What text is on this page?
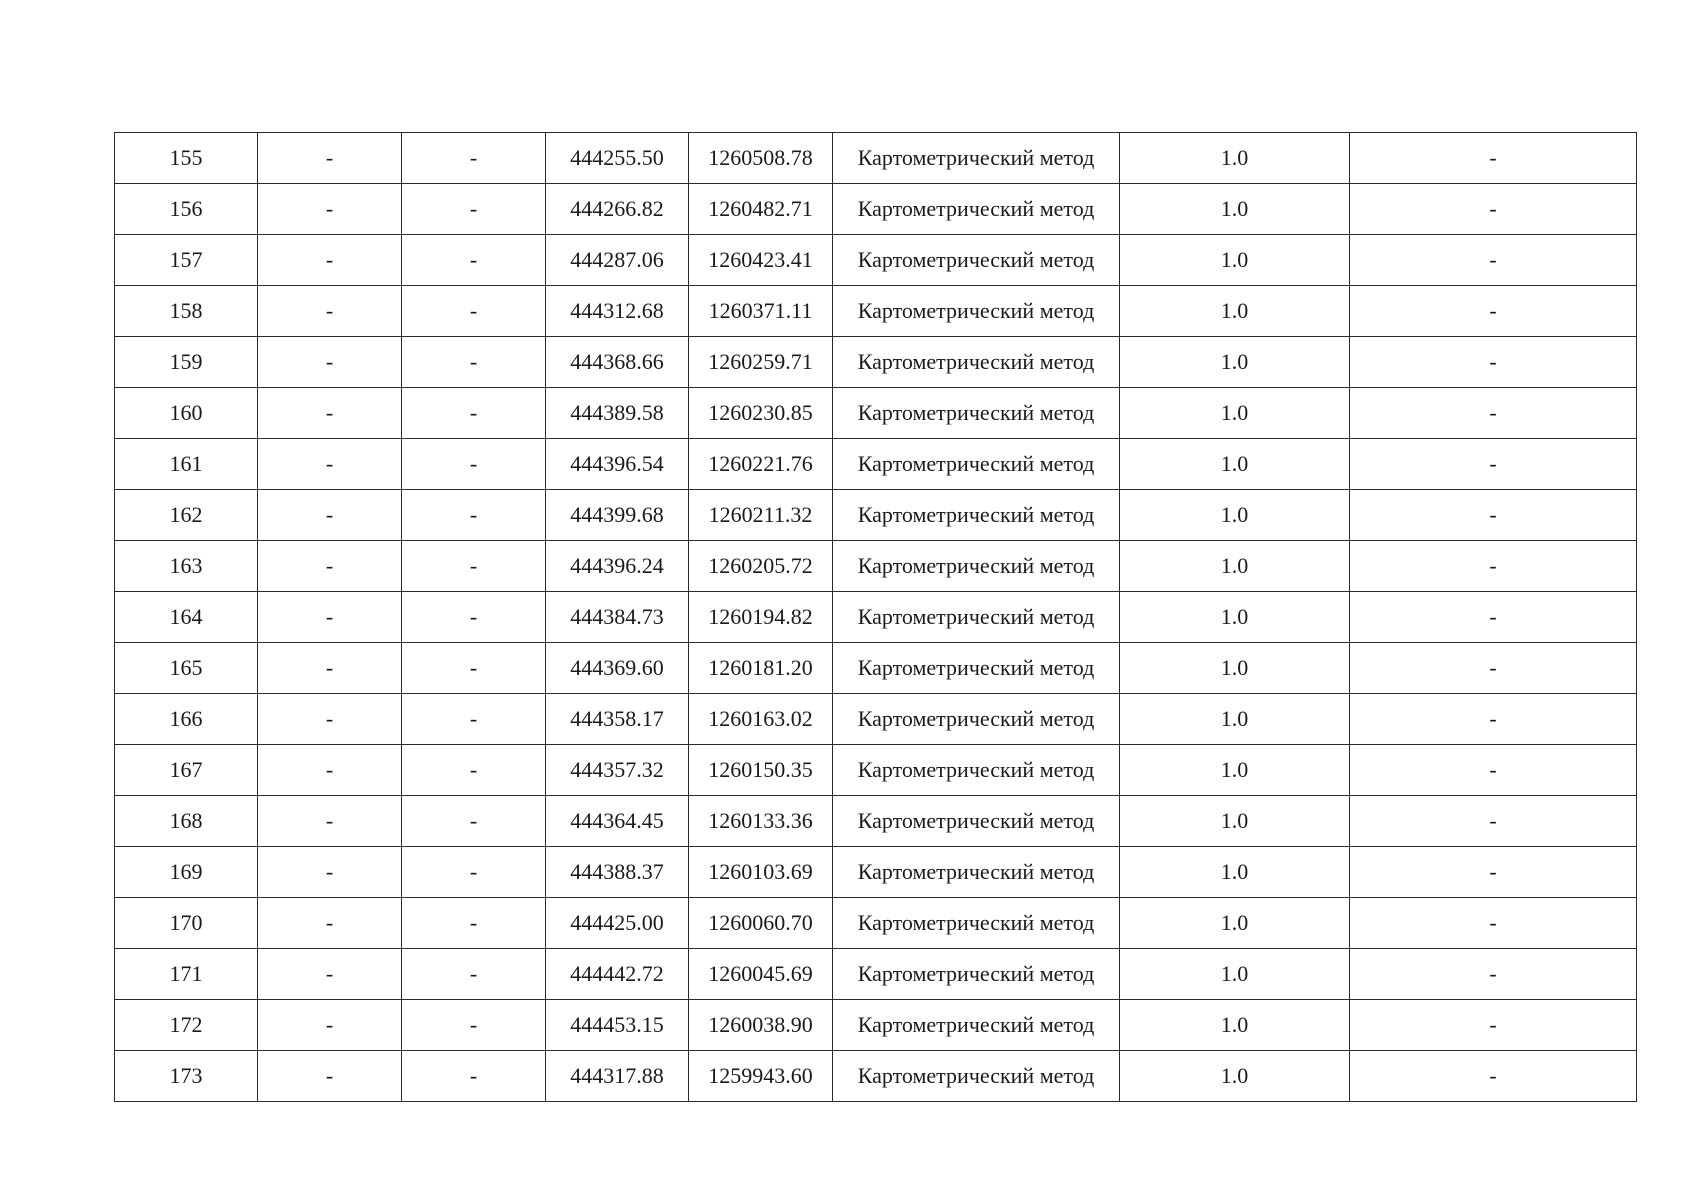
155	-	-	444255.50	1260508.78	Картометрический метод	1.0	-
156	-	-	444266.82	1260482.71	Картометрический метод	1.0	-
157	-	-	444287.06	1260423.41	Картометрический метод	1.0	-
158	-	-	444312.68	1260371.11	Картометрический метод	1.0	-
159	-	-	444368.66	1260259.71	Картометрический метод	1.0	-
160	-	-	444389.58	1260230.85	Картометрический метод	1.0	-
161	-	-	444396.54	1260221.76	Картометрический метод	1.0	-
162	-	-	444399.68	1260211.32	Картометрический метод	1.0	-
163	-	-	444396.24	1260205.72	Картометрический метод	1.0	-
164	-	-	444384.73	1260194.82	Картометрический метод	1.0	-
165	-	-	444369.60	1260181.20	Картометрический метод	1.0	-
166	-	-	444358.17	1260163.02	Картометрический метод	1.0	-
167	-	-	444357.32	1260150.35	Картометрический метод	1.0	-
168	-	-	444364.45	1260133.36	Картометрический метод	1.0	-
169	-	-	444388.37	1260103.69	Картометрический метод	1.0	-
170	-	-	444425.00	1260060.70	Картометрический метод	1.0	-
171	-	-	444442.72	1260045.69	Картометрический метод	1.0	-
172	-	-	444453.15	1260038.90	Картометрический метод	1.0	-
173	-	-	444317.88	1259943.60	Картометрический метод	1.0	-
